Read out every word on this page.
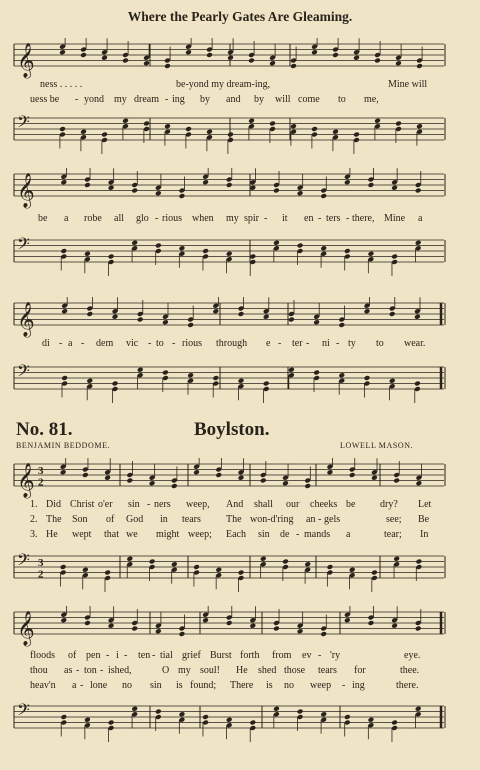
Where the Pearly Gates Are Gleaming.
𝄞
ness . . . . .	be-yond my dream-ing,	Mine will
uess be - yond my dream - ing by and by will come to me,
𝄢
𝄞
be a robe all glo - rious when my spir - it en - ters - there, Mine a
𝄢
𝄞
di - a - dem vic - to - rious through e - ter - ni - ty to wear.
𝄢
No. 81.	Boylston.
BENJAMIN BEDDOME.	LOWELL MASON.
𝄞 3
2
1. Did Christ o'er sin - ners weep, And shall our cheeks be dry? Let
2. The Son of God in tears	The won-d'ring an - gels	see; Be
3. He wept that we might weep; Each sin de - mands a	tear; In
𝄢 3
2
𝄞
floods of pen - i - ten - tial grief Burst forth from ev - 'ry	eye.
thou as - ton - ished,	O my soul! He shed those tears for	thee.
heav'n a - lone no sin is found; There is no weep - ing	there.
𝄢
